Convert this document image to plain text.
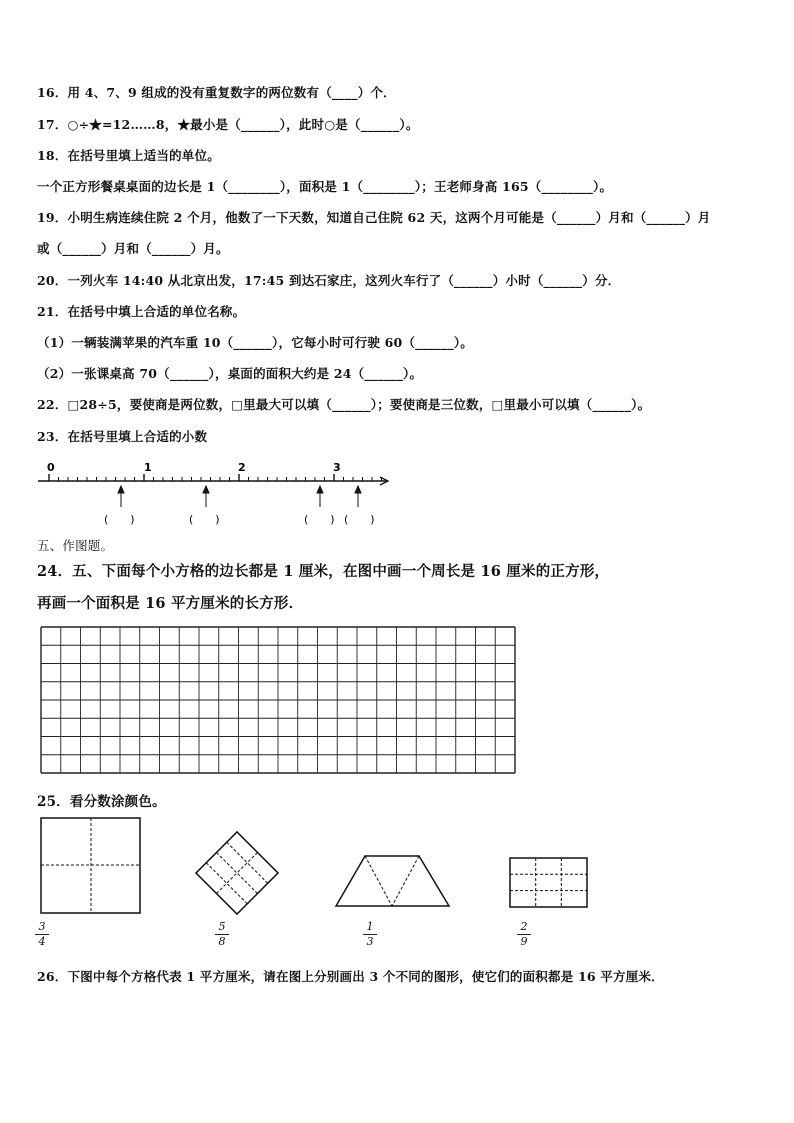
16．用 4、7、9 组成的没有重复数字的两位数有（____）个．
17．○÷★=12……8，★最小是（______），此时○是（______）。
18．在括号里填上适当的单位。
一个正方形餐桌桌面的边长是 1（________），面积是 1（________）；王老师身高 165（________）。
19．小明生病连续住院 2 个月，他数了一下天数，知道自己住院 62 天，这两个月可能是（______）月和（______）月
或（______）月和（______）月。
20．一列火车 14:40 从北京出发，17:45 到达石家庄，这列火车行了（______）小时（______）分．
21．在括号中填上合适的单位名称。
（1）一辆装满苹果的汽车重 10（______），它每小时可行驶 60（______）。
（2）一张课桌高 70（______），桌面的面积大约是 24（______）。
22．□28÷5，要使商是两位数，□里最大可以填（______）；要使商是三位数，□里最小可以填（______）。
23．在括号里填上合适的小数
0	1	2	3
(　　)	(　　)	(　　) (　　)
五、作图题。
24．五、下面每个小方格的边长都是 1 厘米，在图中画一个周长是 16 厘米的正方形，
再画一个面积是 16 平方厘米的长方形．
25．看分数涂颜色。
$\frac{3}{4}$	$\frac{5}{8}$	$\frac{1}{3}$	$\frac{2}{9}$
26．下图中每个方格代表 1 平方厘米，请在图上分别画出 3 个不同的图形，使它们的面积都是 16 平方厘米．
